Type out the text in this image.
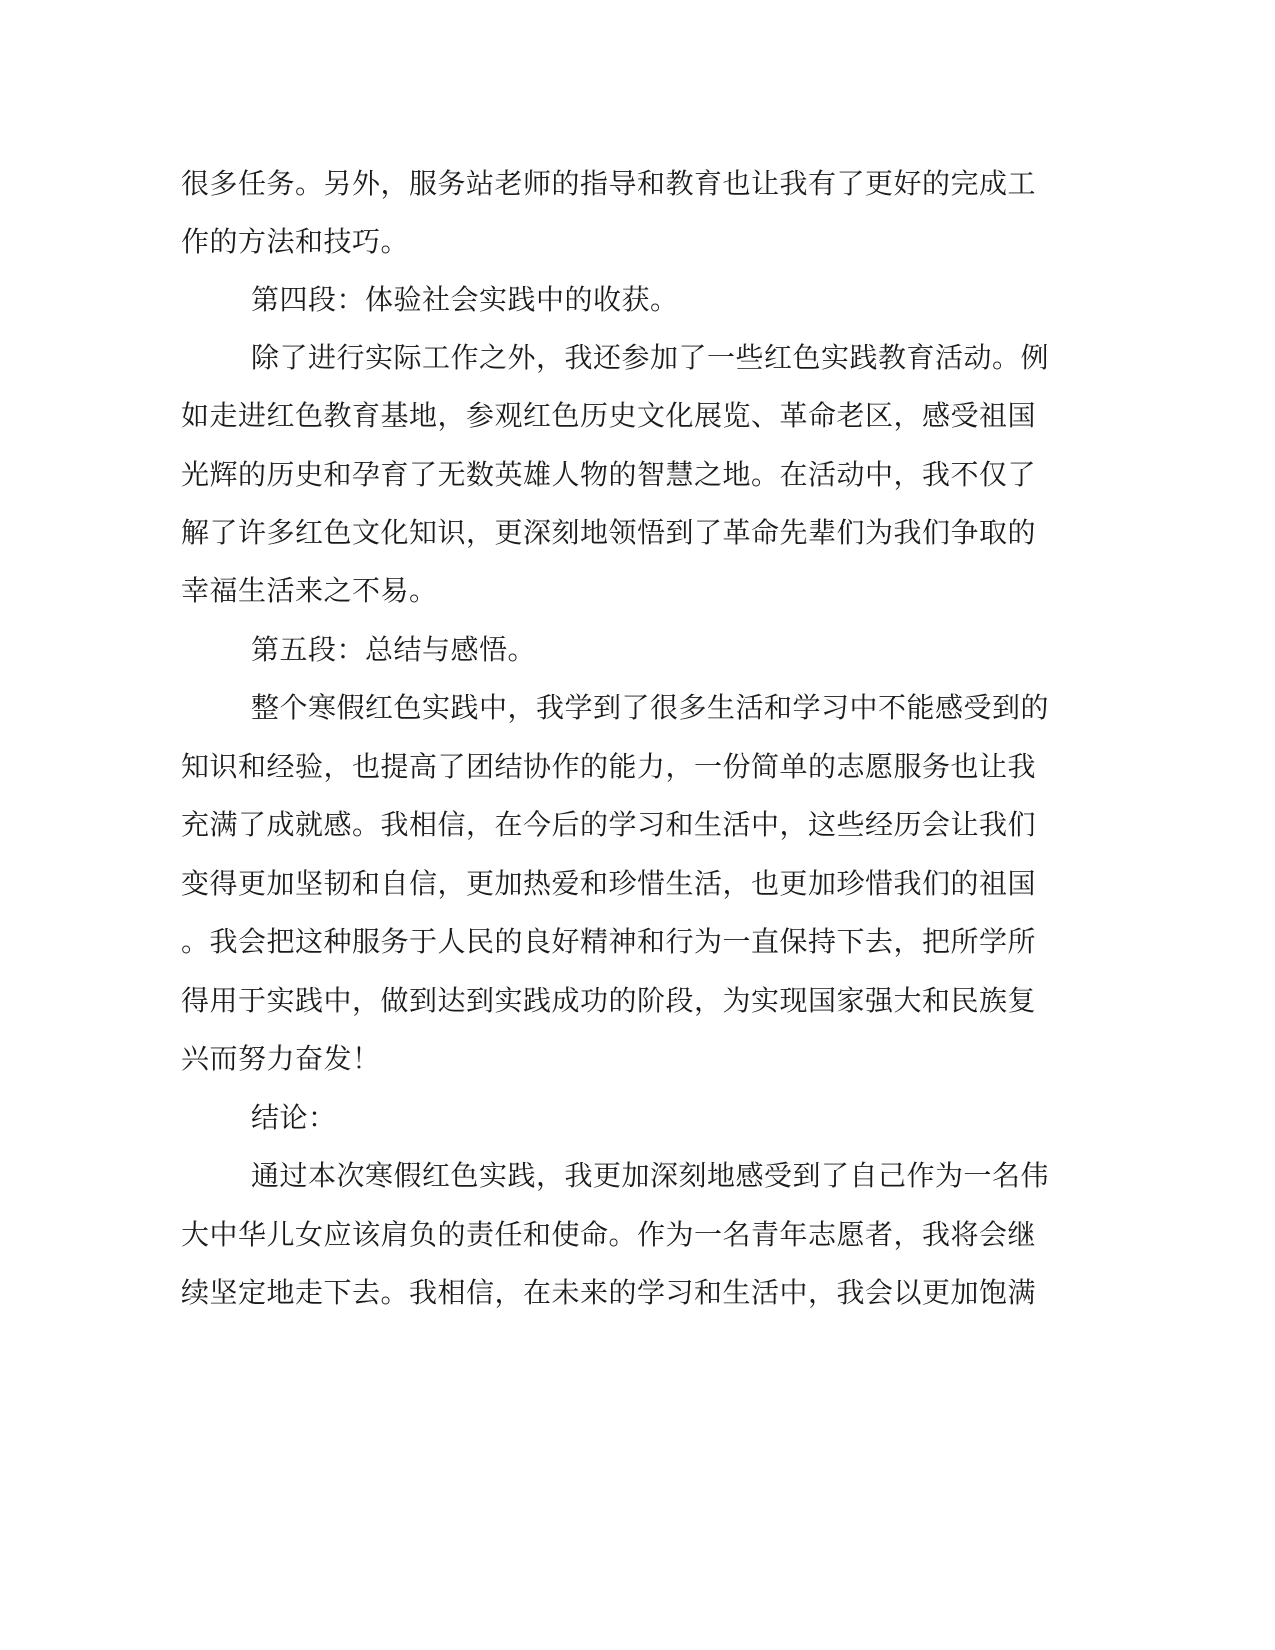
很多任务。另外，服务站老师的指导和教育也让我有了更好的完成工
作的方法和技巧。
第四段：体验社会实践中的收获。
除了进行实际工作之外，我还参加了一些红色实践教育活动。例
如走进红色教育基地，参观红色历史文化展览、革命老区，感受祖国
光辉的历史和孕育了无数英雄人物的智慧之地。在活动中，我不仅了
解了许多红色文化知识，更深刻地领悟到了革命先辈们为我们争取的
幸福生活来之不易。
第五段：总结与感悟。
整个寒假红色实践中，我学到了很多生活和学习中不能感受到的
知识和经验，也提高了团结协作的能力，一份简单的志愿服务也让我
充满了成就感。我相信，在今后的学习和生活中，这些经历会让我们
变得更加坚韧和自信，更加热爱和珍惜生活，也更加珍惜我们的祖国
。我会把这种服务于人民的良好精神和行为一直保持下去，把所学所
得用于实践中，做到达到实践成功的阶段，为实现国家强大和民族复
兴而努力奋发！
结论：
通过本次寒假红色实践，我更加深刻地感受到了自己作为一名伟
大中华儿女应该肩负的责任和使命。作为一名青年志愿者，我将会继
续坚定地走下去。我相信，在未来的学习和生活中，我会以更加饱满
